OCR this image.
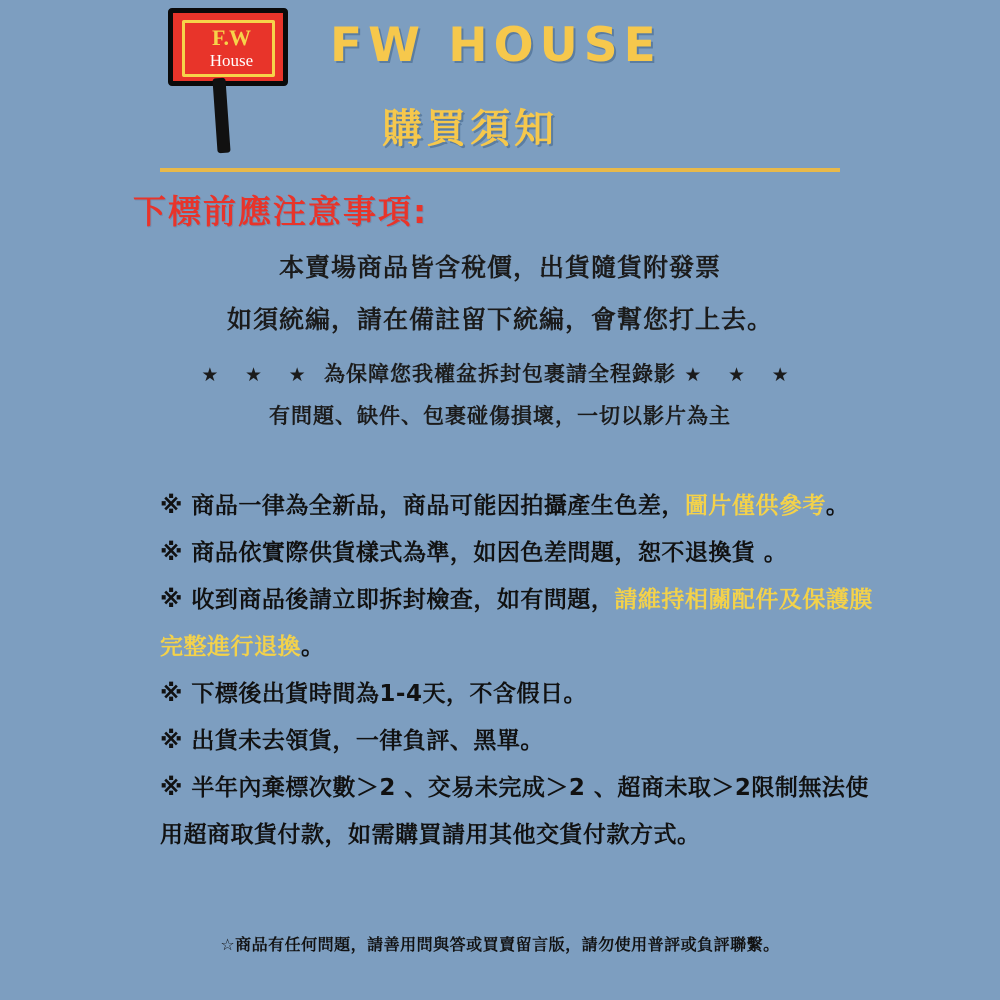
F.W
House	FW HOUSE
購買須知
下標前應注意事項:
本賣場商品皆含稅價，出貨隨貨附發票
如須統編，請在備註留下統編，會幫您打上去。
★ ★ ★ 為保障您我權盆拆封包裹請全程錄影 ★ ★ ★
有問題、缺件、包裹碰傷損壞，一切以影片為主
※ 商品一律為全新品，商品可能因拍攝產生色差，圖片僅供參考。
※ 商品依實際供貨樣式為準，如因色差問題，恕不退換貨 。
※ 收到商品後請立即拆封檢查，如有問題，請維持相關配件及保護膜完整進行退換。
※ 下標後出貨時間為1-4天，不含假日。
※ 出貨未去領貨，一律負評、黑單。
※ 半年內棄標次數＞2 、交易未完成＞2 、超商未取＞2限制無法使用超商取貨付款，如需購買請用其他交貨付款方式。
☆商品有任何問題，請善用問與答或買賣留言版，請勿使用普評或負評聯繫。
